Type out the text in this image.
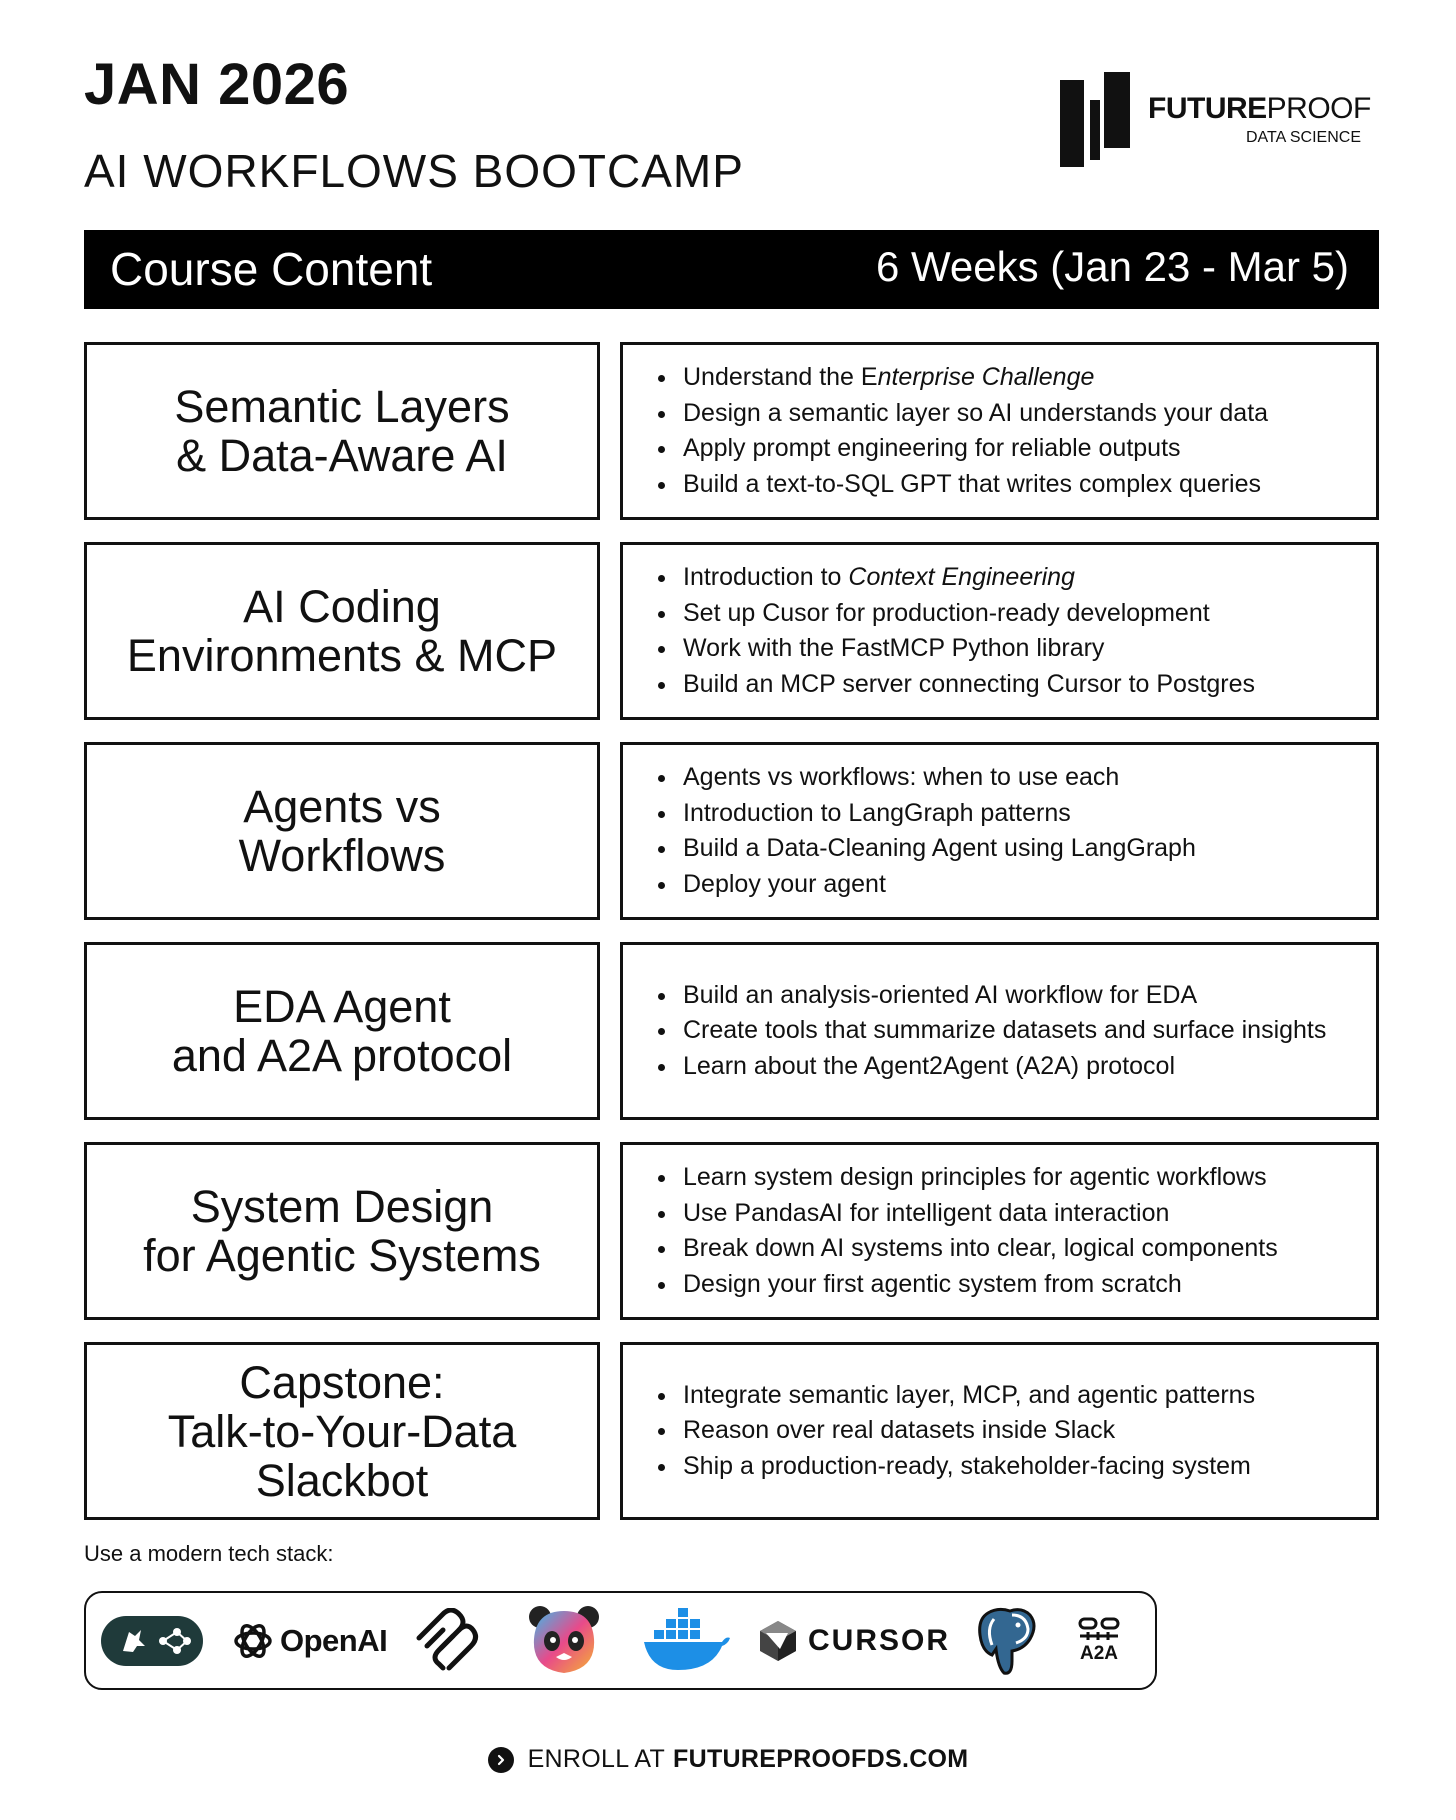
JAN 2026
AI WORKFLOWS BOOTCAMP
FUTUREPROOF
DATA SCIENCE
Course Content	6 Weeks (Jan 23 - Mar 5)
Semantic Layers
& Data-Aware AI
• Understand the Enterprise Challenge
• Design a semantic layer so AI understands your data
• Apply prompt engineering for reliable outputs
• Build a text-to-SQL GPT that writes complex queries
AI Coding
Environments & MCP
• Introduction to Context Engineering
• Set up Cusor for production-ready development
• Work with the FastMCP Python library
• Build an MCP server connecting Cursor to Postgres
Agents vs
Workflows
• Agents vs workflows: when to use each
• Introduction to LangGraph patterns
• Build a Data-Cleaning Agent using LangGraph
• Deploy your agent
EDA Agent
and A2A protocol
• Build an analysis-oriented AI workflow for EDA
• Create tools that summarize datasets and surface insights
• Learn about the Agent2Agent (A2A) protocol
System Design
for Agentic Systems
• Learn system design principles for agentic workflows
• Use PandasAI for intelligent data interaction
• Break down AI systems into clear, logical components
• Design your first agentic system from scratch
Capstone:
Talk-to-Your-Data
Slackbot
• Integrate semantic layer, MCP, and agentic patterns
• Reason over real datasets inside Slack
• Ship a production-ready, stakeholder-facing system
Use a modern tech stack:
OpenAI	CURSOR	A2A
ENROLL AT FUTUREPROOFDS.COM
